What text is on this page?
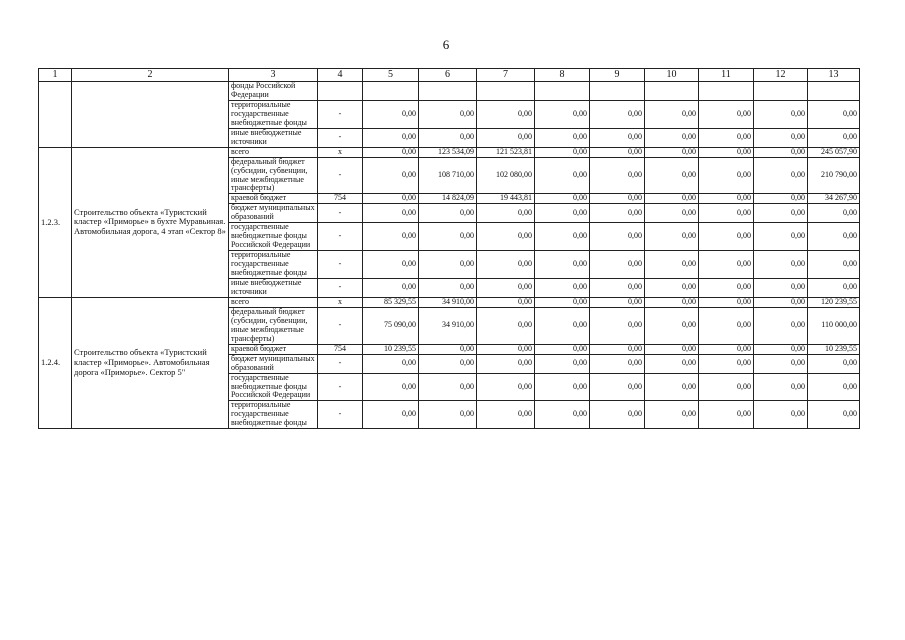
6
1	2	3	4	5	6	7	8	9	10	11	12	13
		фонды Российской Федерации										
		территориальные государственные внебюджетные фонды	-	0,00	0,00	0,00	0,00	0,00	0,00	0,00	0,00	0,00
		иные внебюджетные источники	-	0,00	0,00	0,00	0,00	0,00	0,00	0,00	0,00	0,00
1.2.3.	Строительство объекта «Туристский кластер «Приморье» в бухте Муравьиная. Автомобильная дорога, 4 этап «Сектор 8»	всего	х	0,00	123 534,09	121 523,81	0,00	0,00	0,00	0,00	0,00	245 057,90
		федеральный бюджет (субсидии, субвенции, иные межбюджетные трансферты)	-	0,00	108 710,00	102 080,00	0,00	0,00	0,00	0,00	0,00	210 790,00
		краевой бюджет	754	0,00	14 824,09	19 443,81	0,00	0,00	0,00	0,00	0,00	34 267,90
		бюджет муниципальных образований	-	0,00	0,00	0,00	0,00	0,00	0,00	0,00	0,00	0,00
		государственные внебюджетные фонды Российской Федерации	-	0,00	0,00	0,00	0,00	0,00	0,00	0,00	0,00	0,00
		территориальные государственные внебюджетные фонды	-	0,00	0,00	0,00	0,00	0,00	0,00	0,00	0,00	0,00
		иные внебюджетные источники	-	0,00	0,00	0,00	0,00	0,00	0,00	0,00	0,00	0,00
1.2.4.	Строительство объекта «Туристский кластер «Приморье». Автомобильная дорога «Приморье». Сектор 5"	всего	х	85 329,55	34 910,00	0,00	0,00	0,00	0,00	0,00	0,00	120 239,55
		федеральный бюджет (субсидии, субвенции, иные межбюджетные трансферты)	-	75 090,00	34 910,00	0,00	0,00	0,00	0,00	0,00	0,00	110 000,00
		краевой бюджет	754	10 239,55	0,00	0,00	0,00	0,00	0,00	0,00	0,00	10 239,55
		бюджет муниципальных образований	-	0,00	0,00	0,00	0,00	0,00	0,00	0,00	0,00	0,00
		государственные внебюджетные фонды Российской Федерации	-	0,00	0,00	0,00	0,00	0,00	0,00	0,00	0,00	0,00
		территориальные государственные внебюджетные фонды	-	0,00	0,00	0,00	0,00	0,00	0,00	0,00	0,00	0,00
